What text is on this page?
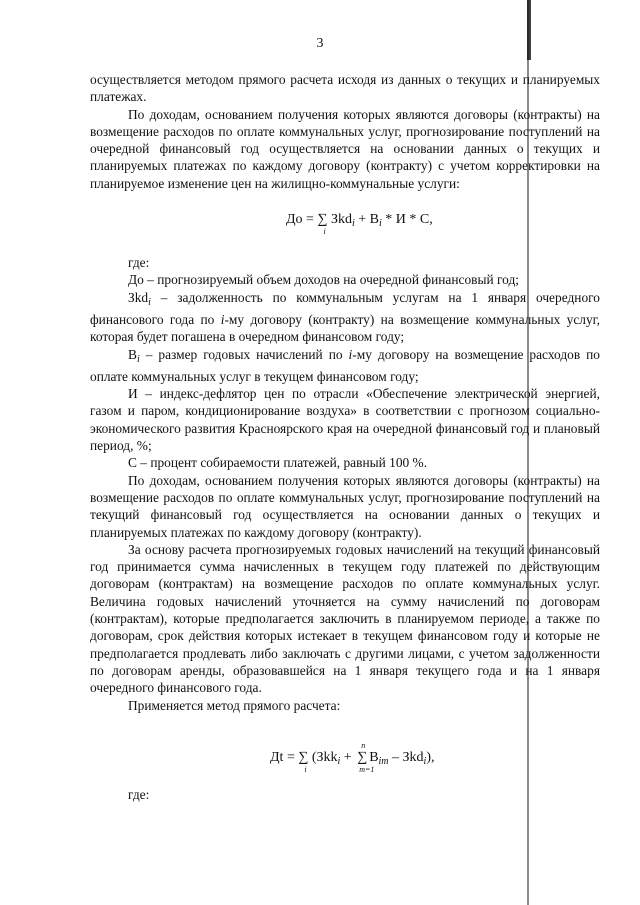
3

осуществляется методом прямого расчета исходя из данных о текущих и планируемых платежах.

По доходам, основанием получения которых являются договоры (контракты) на возмещение расходов по оплате коммунальных услуг, прогнозирование поступлений на очередной финансовый год осуществляется на основании данных о текущих и планируемых платежах по каждому договору (контракту) с учетом корректировки на планируемое изменение цен на жилищно-коммунальные услуги:

Дo = ∑
i
$Зkd_i + В_i * И * С$,

где:

Дo – прогнозируемый объем доходов на очередной финансовый год;

Зkd$_i$ – задолженность по коммунальным услугам на 1 января очередного финансового года по i-му договору (контракту) на возмещение коммунальных услуг, которая будет погашена в очередном финансовом году;

$В_i$ – размер годовых начислений по i-му договору на возмещение расходов по оплате коммунальных услуг в текущем финансовом году;

И – индекс-дефлятор цен по отрасли «Обеспечение электрической энергией, газом и паром, кондиционирование воздуха» в соответствии с прогнозом социально-экономического развития Красноярского края на очередной финансовый год и плановый период, %;

С – процент собираемости платежей, равный 100 %.

По доходам, основанием получения которых являются договоры (контракты) на возмещение расходов по оплате коммунальных услуг, прогнозирование поступлений на текущий финансовый год осуществляется на основании данных о текущих и планируемых платежах по каждому договору (контракту).

За основу расчета прогнозируемых годовых начислений на текущий финансовый год принимается сумма начисленных в текущем году платежей по действующим договорам (контрактам) на возмещение расходов по оплате коммунальных услуг. Величина годовых начислений уточняется на сумму начислений по договорам (контрактам), которые предполагается заключить в планируемом периоде, а также по договорам, срок действия которых истекает в текущем финансовом году и которые не предполагается продлевать либо заключать с другими лицами, с учетом задолженности по договорам аренды, образовавшейся на 1 января текущего года и на 1 января очередного финансового года.

Применяется метод прямого расчета:

Дt = ∑
i
(Зkk$_i$ +
n
∑
m=1
$В_{im} - Зkd_i$),

где:
